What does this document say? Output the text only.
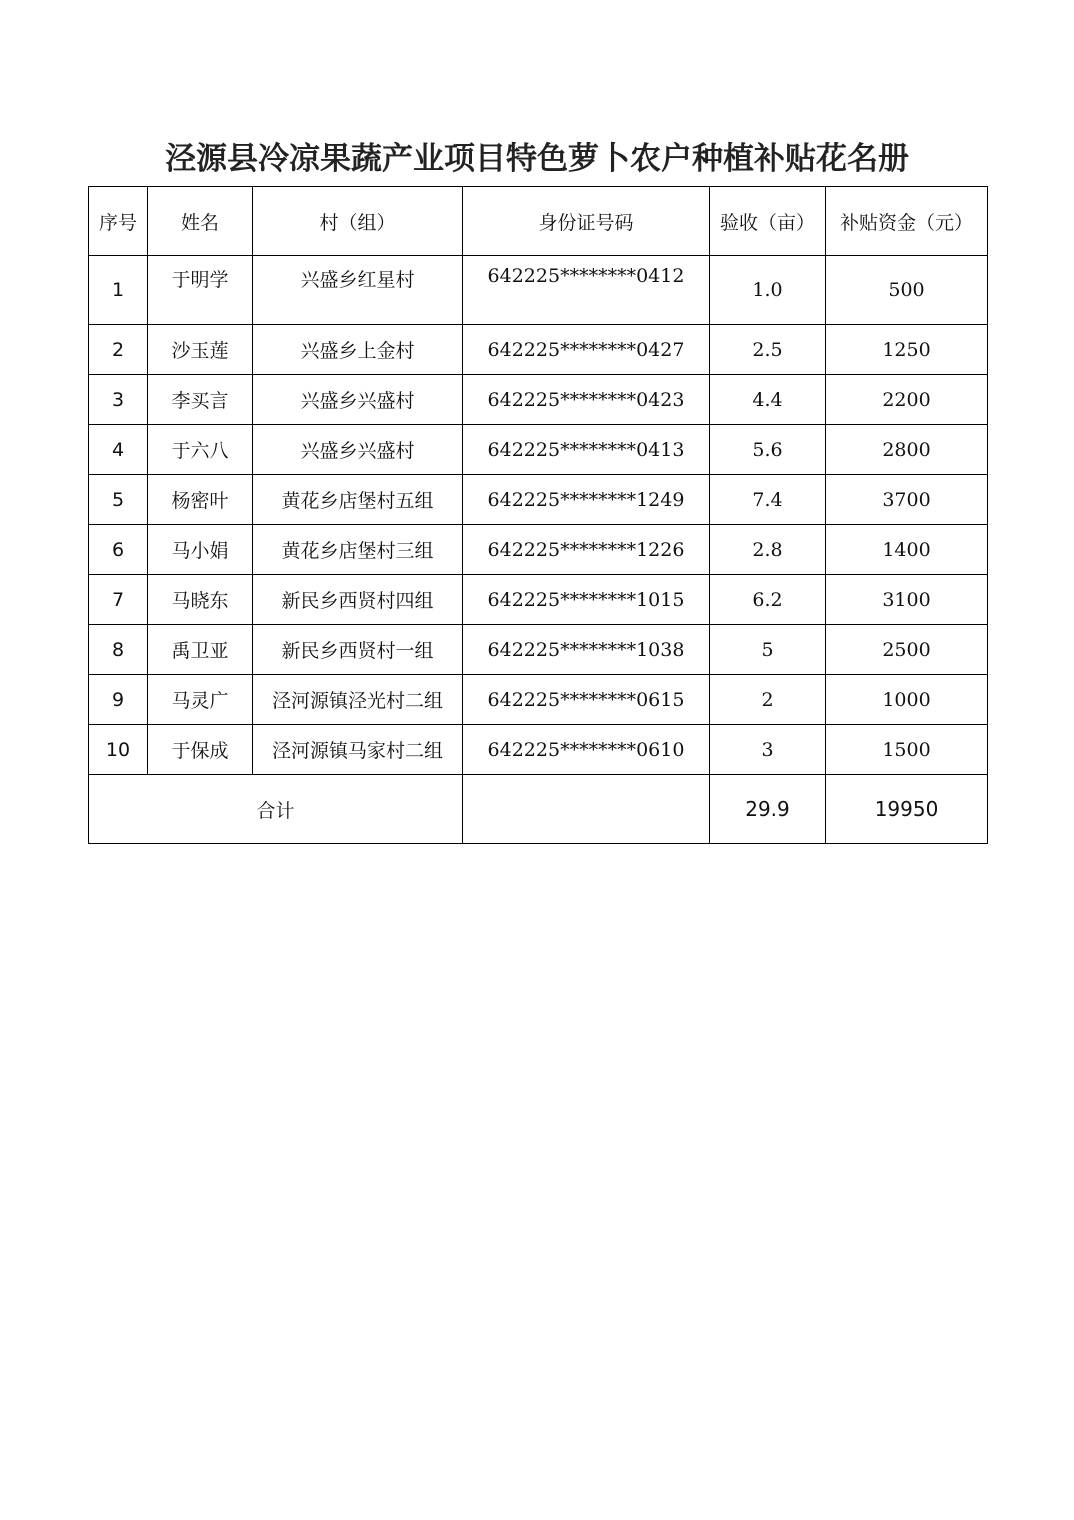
泾源县冷凉果蔬产业项目特色萝卜农户种植补贴花名册
序号	姓名	村（组）	身份证号码	验收（亩）	补贴资金（元）
1	于明学	兴盛乡红星村	642225********0412	1.0	500
2	沙玉莲	兴盛乡上金村	642225********0427	2.5	1250
3	李买言	兴盛乡兴盛村	642225********0423	4.4	2200
4	于六八	兴盛乡兴盛村	642225********0413	5.6	2800
5	杨密叶	黄花乡店堡村五组	642225********1249	7.4	3700
6	马小娟	黄花乡店堡村三组	642225********1226	2.8	1400
7	马晓东	新民乡西贤村四组	642225********1015	6.2	3100
8	禹卫亚	新民乡西贤村一组	642225********1038	5	2500
9	马灵广	泾河源镇泾光村二组	642225********0615	2	1000
10	于保成	泾河源镇马家村二组	642225********0610	3	1500
合计				29.9	19950
